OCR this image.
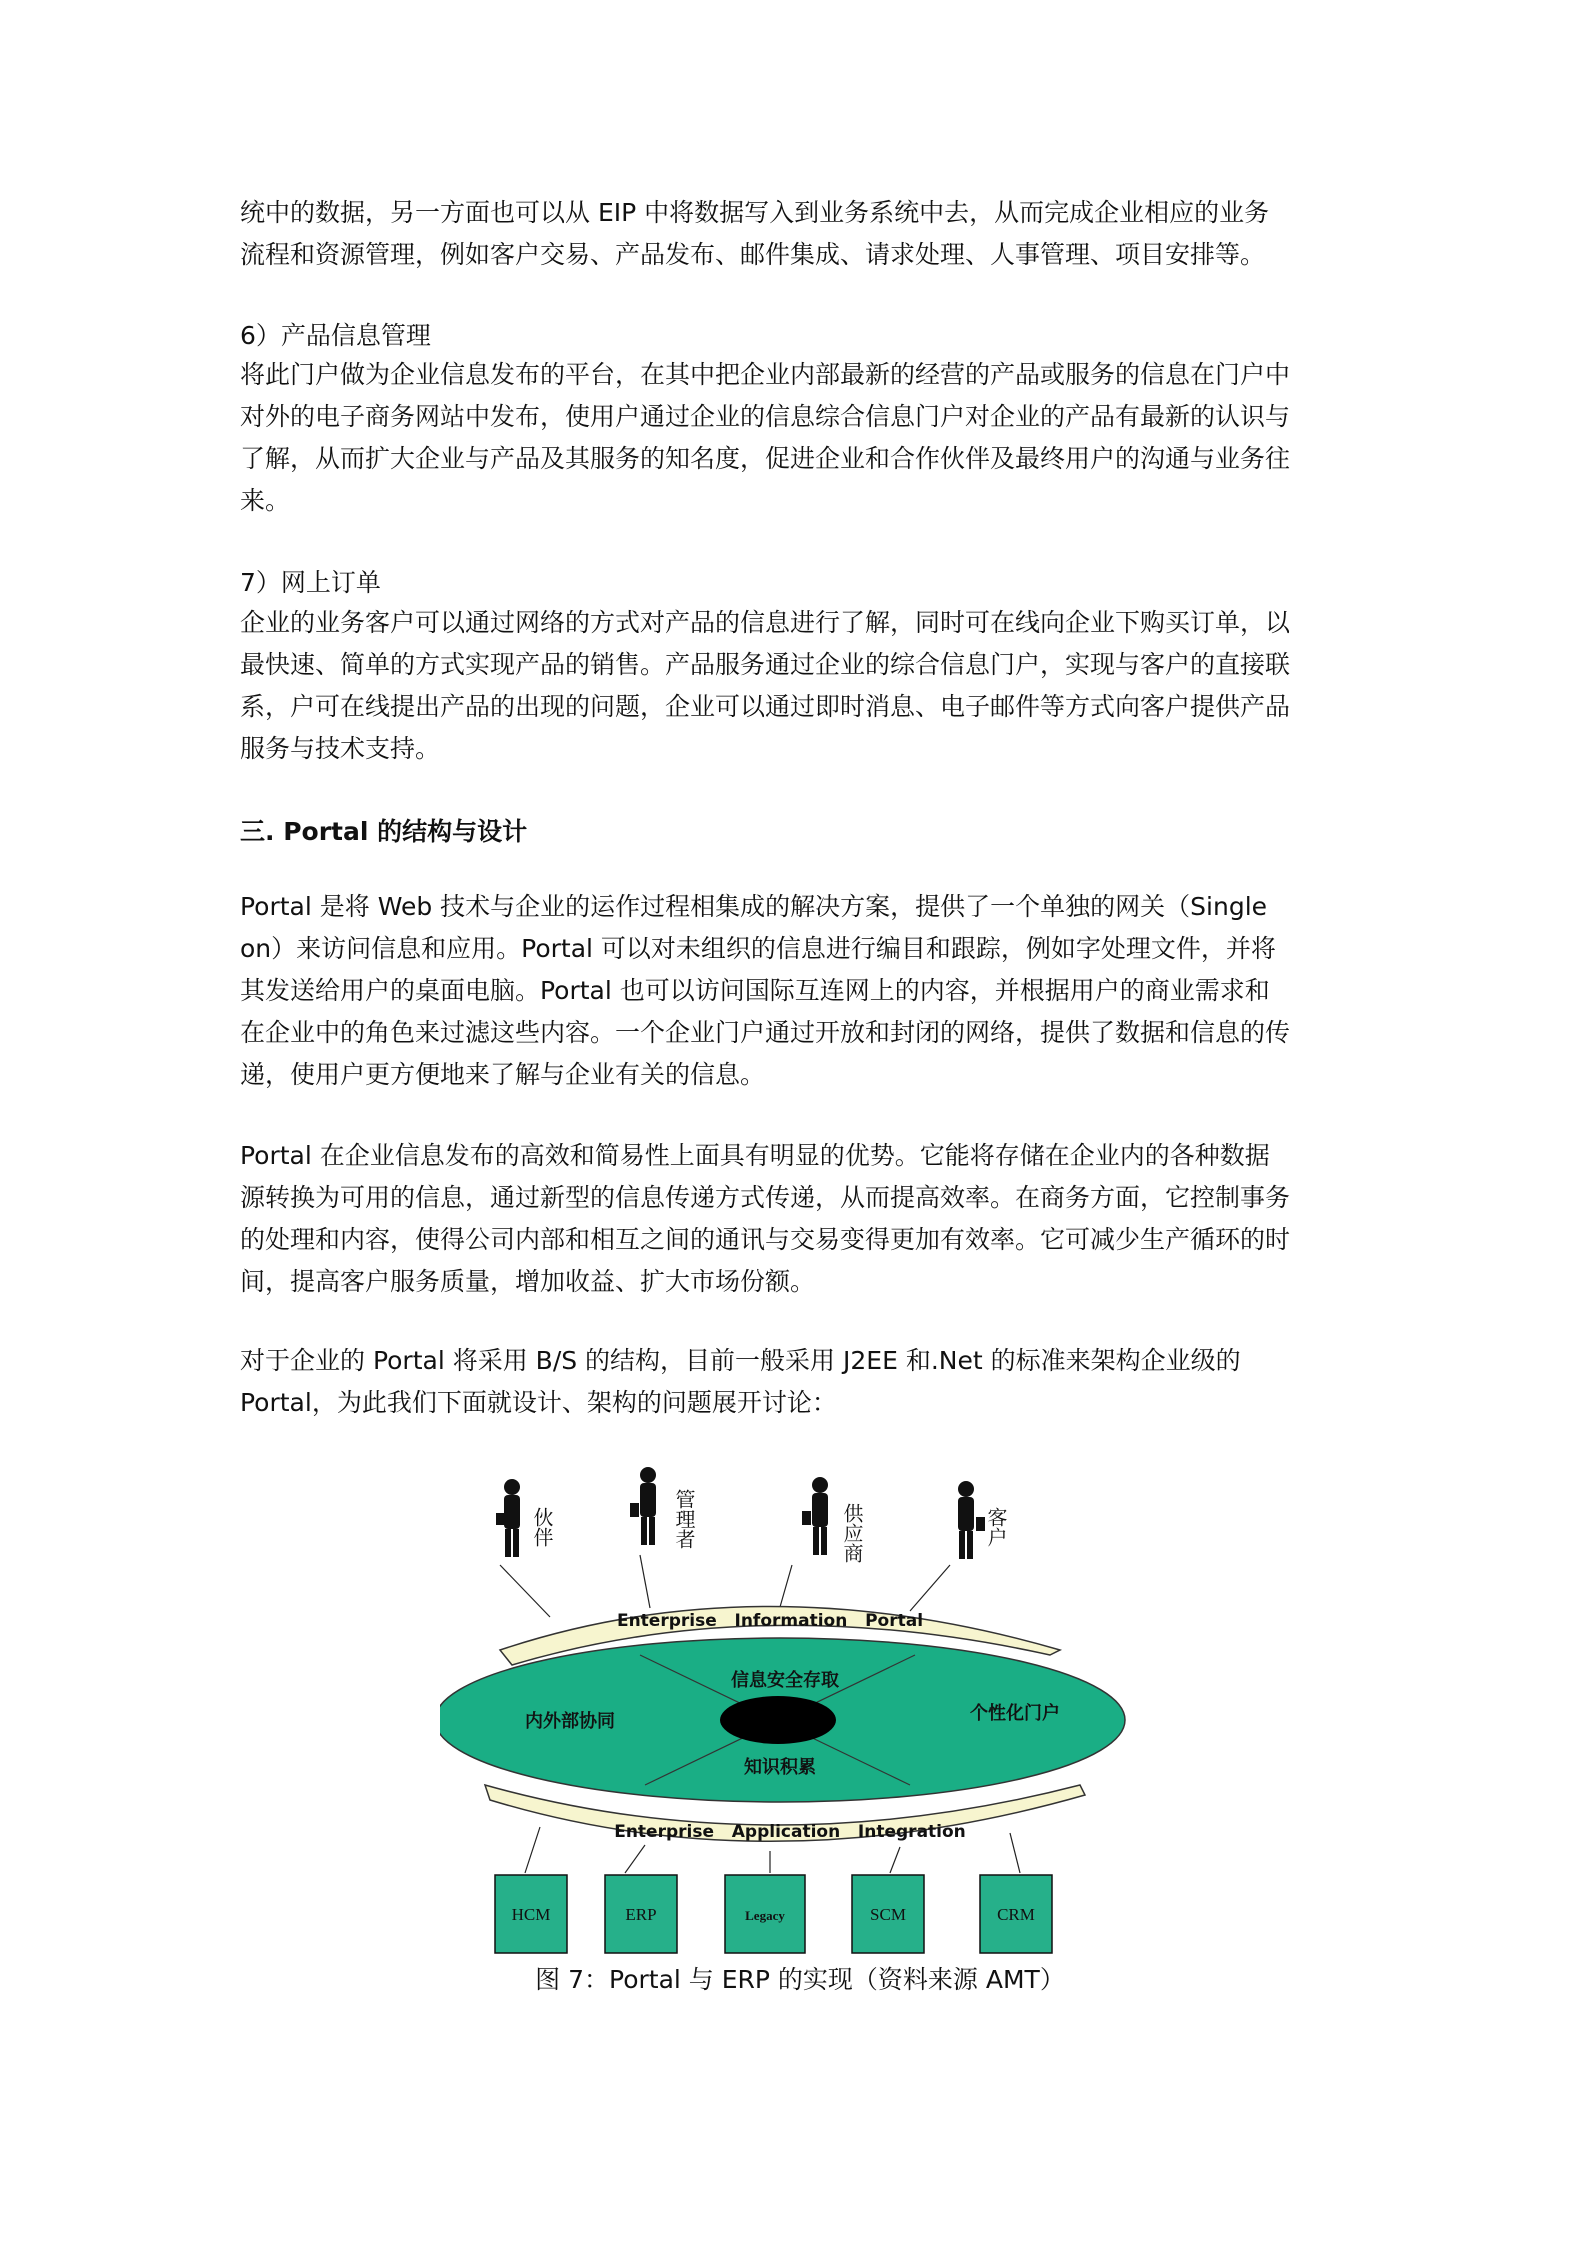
统中的数据，另一方面也可以从 EIP 中将数据写入到业务系统中去，从而完成企业相应的业务
流程和资源管理，例如客户交易、产品发布、邮件集成、请求处理、人事管理、项目安排等。

6）产品信息管理

将此门户做为企业信息发布的平台，在其中把企业内部最新的经营的产品或服务的信息在门户中
对外的电子商务网站中发布，使用户通过企业的信息综合信息门户对企业的产品有最新的认识与
了解，从而扩大企业与产品及其服务的知名度，促进企业和合作伙伴及最终用户的沟通与业务往
来。

7）网上订单

企业的业务客户可以通过网络的方式对产品的信息进行了解，同时可在线向企业下购买订单，以
最快速、简单的方式实现产品的销售。产品服务通过企业的综合信息门户，实现与客户的直接联
系，户可在线提出产品的出现的问题，企业可以通过即时消息、电子邮件等方式向客户提供产品
服务与技术支持。

三. Portal 的结构与设计

Portal 是将 Web 技术与企业的运作过程相集成的解决方案，提供了一个单独的网关（Single
on）来访问信息和应用。Portal 可以对未组织的信息进行编目和跟踪，例如字处理文件，并将
其发送给用户的桌面电脑。Portal 也可以访问国际互连网上的内容，并根据用户的商业需求和
在企业中的角色来过滤这些内容。一个企业门户通过开放和封闭的网络，提供了数据和信息的传
递，使用户更方便地来了解与企业有关的信息。

Portal 在企业信息发布的高效和简易性上面具有明显的优势。它能将存储在企业内的各种数据
源转换为可用的信息，通过新型的信息传递方式传递，从而提高效率。在商务方面，它控制事务
的处理和内容，使得公司内部和相互之间的通讯与交易变得更加有效率。它可减少生产循环的时
间，提高客户服务质量，增加收益、扩大市场份额。

对于企业的 Portal 将采用 B/S 的结构，目前一般采用 J2EE 和.Net 的标准来架构企业级的
Portal，为此我们下面就设计、架构的问题展开讨论：

伙伴	管理者	供应商	客户
Enterprise   Information   Portal
信息安全存取
内外部协同	个性化门户
知识积累
Enterprise   Application   Integration
HCM	ERP	Legacy	SCM	CRM
图 7：Portal 与 ERP 的实现（资料来源 AMT）
